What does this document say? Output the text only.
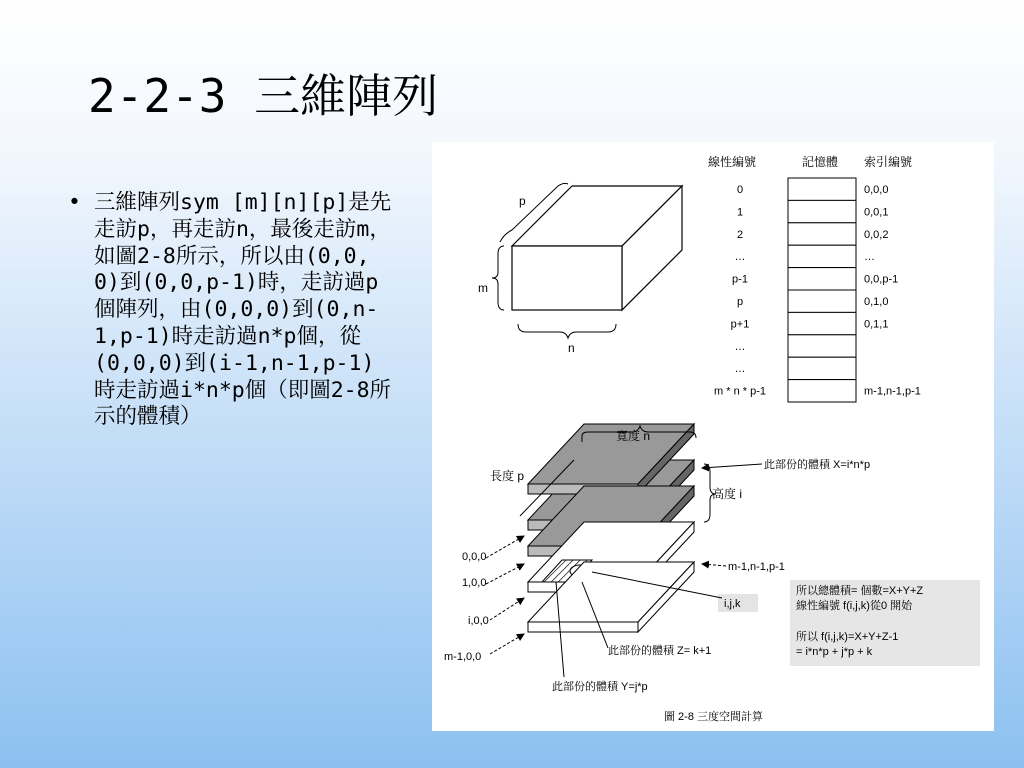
2-2-3 三維陣列
• 三維陣列sym [m][n][p]是先走訪p，再走訪n，最後走訪m，如圖2-8所示，所以由(0,0,0)到(0,0,p-1)時，走訪過p個陣列，由(0,0,0)到(0,n-1,p-1)時走訪過n*p個，從(0,0,0)到(i-1,n-1,p-1)時走訪過i*n*p個（即圖2-8所示的體積）
p
m
n
線性編號	記憶體 索引編號
0	0,0,0
1	0,0,1
2	0,0,2
…	…
p-1	0,0,p-1
p	0,1,0
p+1	0,1,1
…
…
m * n * p-1	m-1,n-1,p-1
寬度 n
長度 p
高度 i
此部份的體積 X=i*n*p
0,0,0
1,0,0
i,0,0
m-1,0,0
m-1,n-1,p-1
i,j,k
此部份的體積 Z= k+1
此部份的體積 Y=j*p
所以總體積= 個數=X+Y+Z
線性編號 f(i,j,k)從0 開始
所以 f(i,j,k)=X+Y+Z-1
= i*n*p + j*p + k
圖 2-8 三度空間計算
